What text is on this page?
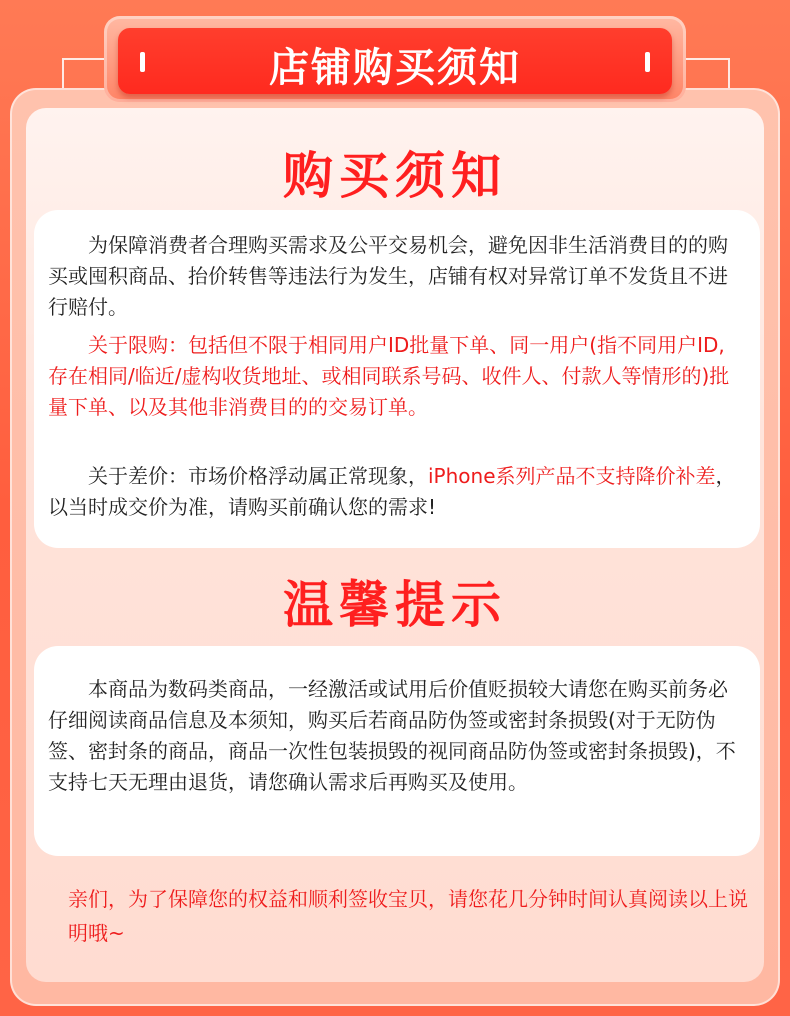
店铺购买须知
购买须知

为保障消费者合理购买需求及公平交易机会，避免因非生活消费目的的购买或囤积商品、抬价转售等违法行为发生，店铺有权对异常订单不发货且不进行赔付。

关于限购：包括但不限于相同用户ID批量下单、同一用户(指不同用户ID,存在相同/临近/虚构收货地址、或相同联系号码、收件人、付款人等情形的)批量下单、以及其他非消费目的的交易订单。

关于差价：市场价格浮动属正常现象，iPhone系列产品不支持降价补差，以当时成交价为准，请购买前确认您的需求!

温馨提示

本商品为数码类商品，一经激活或试用后价值贬损较大请您在购买前务必仔细阅读商品信息及本须知，购买后若商品防伪签或密封条损毁(对于无防伪签、密封条的商品，商品一次性包装损毁的视同商品防伪签或密封条损毁)，不支持七天无理由退货，请您确认需求后再购买及使用。

亲们，为了保障您的权益和顺利签收宝贝，请您花几分钟时间认真阅读以上说明哦~
